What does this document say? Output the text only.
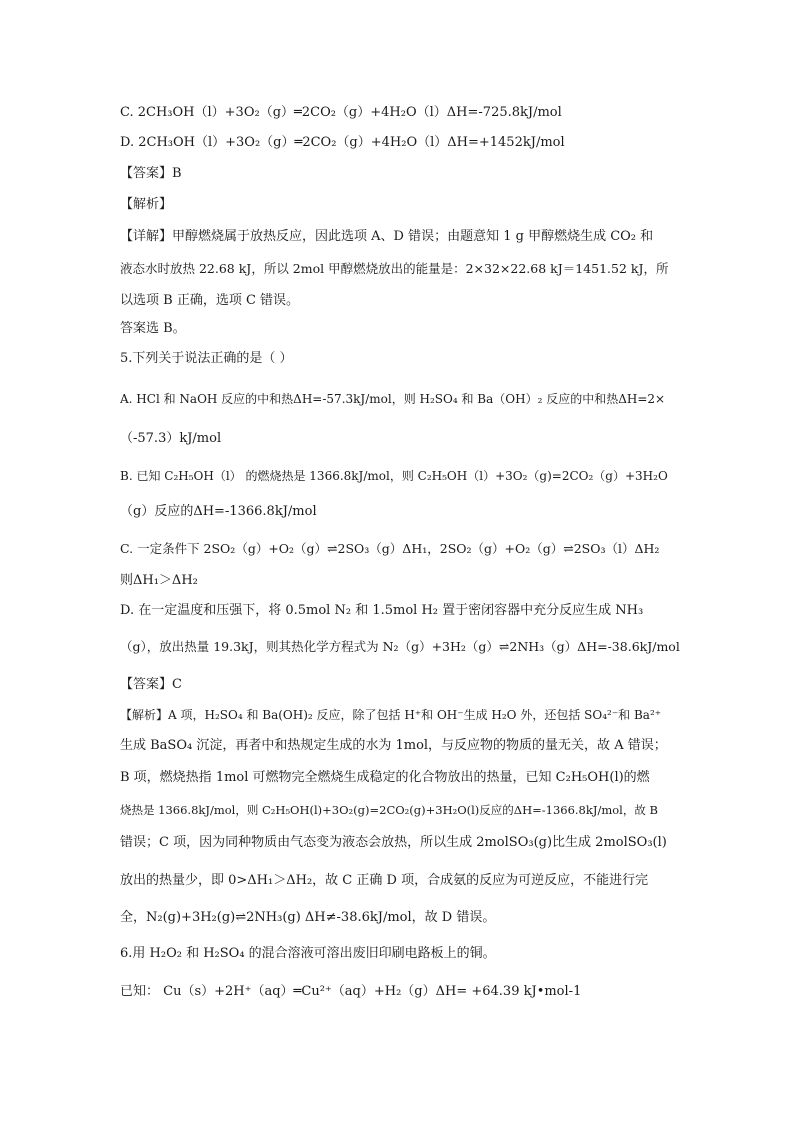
C. 2CH₃OH（l）+3O₂（g）═2CO₂（g）+4H₂O（l）ΔH=-725.8kJ/mol
D. 2CH₃OH（l）+3O₂（g）═2CO₂（g）+4H₂O（l）ΔH=+1452kJ/mol
【答案】B
【解析】
【详解】甲醇燃烧属于放热反应，因此选项 A、D 错误；由题意知 1 g 甲醇燃烧生成 CO₂ 和
液态水时放热 22.68 kJ，所以 2mol 甲醇燃烧放出的能量是：2×32×22.68 kJ＝1451.52 kJ，所
以选项 B 正确，选项 C 错误。
答案选 B。
5.下列关于说法正确的是（ ）
A. HCl 和 NaOH 反应的中和热ΔH=-57.3kJ/mol，则 H₂SO₄ 和 Ba（OH）₂ 反应的中和热ΔH=2×
（-57.3）kJ/mol
B. 已知 C₂H₅OH（l） 的燃烧热是 1366.8kJ/mol，则 C₂H₅OH（l）+3O₂（g)=2CO₂（g）+3H₂O
（g）反应的ΔH=-1366.8kJ/mol
C. 一定条件下 2SO₂（g）+O₂（g）⇌2SO₃（g）ΔH₁，2SO₂（g）+O₂（g）⇌2SO₃（l）ΔH₂
则ΔH₁＞ΔH₂
D. 在一定温度和压强下，将 0.5mol N₂ 和 1.5mol H₂ 置于密闭容器中充分反应生成 NH₃
（g），放出热量 19.3kJ，则其热化学方程式为 N₂（g）+3H₂（g）⇌2NH₃（g）ΔH=-38.6kJ/mol
【答案】C
【解析】A 项，H₂SO₄ 和 Ba(OH)₂ 反应，除了包括 H⁺和 OH⁻生成 H₂O 外，还包括 SO₄²⁻和 Ba²⁺
生成 BaSO₄ 沉淀，再者中和热规定生成的水为 1mol，与反应物的物质的量无关，故 A 错误；
B 项，燃烧热指 1mol 可燃物完全燃烧生成稳定的化合物放出的热量，已知 C₂H₅OH(l)的燃
烧热是 1366.8kJ/mol，则 C₂H₅OH(l)+3O₂(g)=2CO₂(g)+3H₂O(l)反应的ΔH=-1366.8kJ/mol，故 B
错误；C 项，因为同种物质由气态变为液态会放热，所以生成 2molSO₃(g)比生成 2molSO₃(l)
放出的热量少，即 0>ΔH₁＞ΔH₂，故 C 正确 D 项，合成氨的反应为可逆反应，不能进行完
全，N₂(g)+3H₂(g)⇌2NH₃(g) ΔH≠-38.6kJ/mol，故 D 错误。
6.用 H₂O₂ 和 H₂SO₄ 的混合溶液可溶出废旧印刷电路板上的铜。
已知： Cu（s）+2H⁺（aq）═Cu²⁺（aq）+H₂（g）ΔH= +64.39 kJ•mol-1
